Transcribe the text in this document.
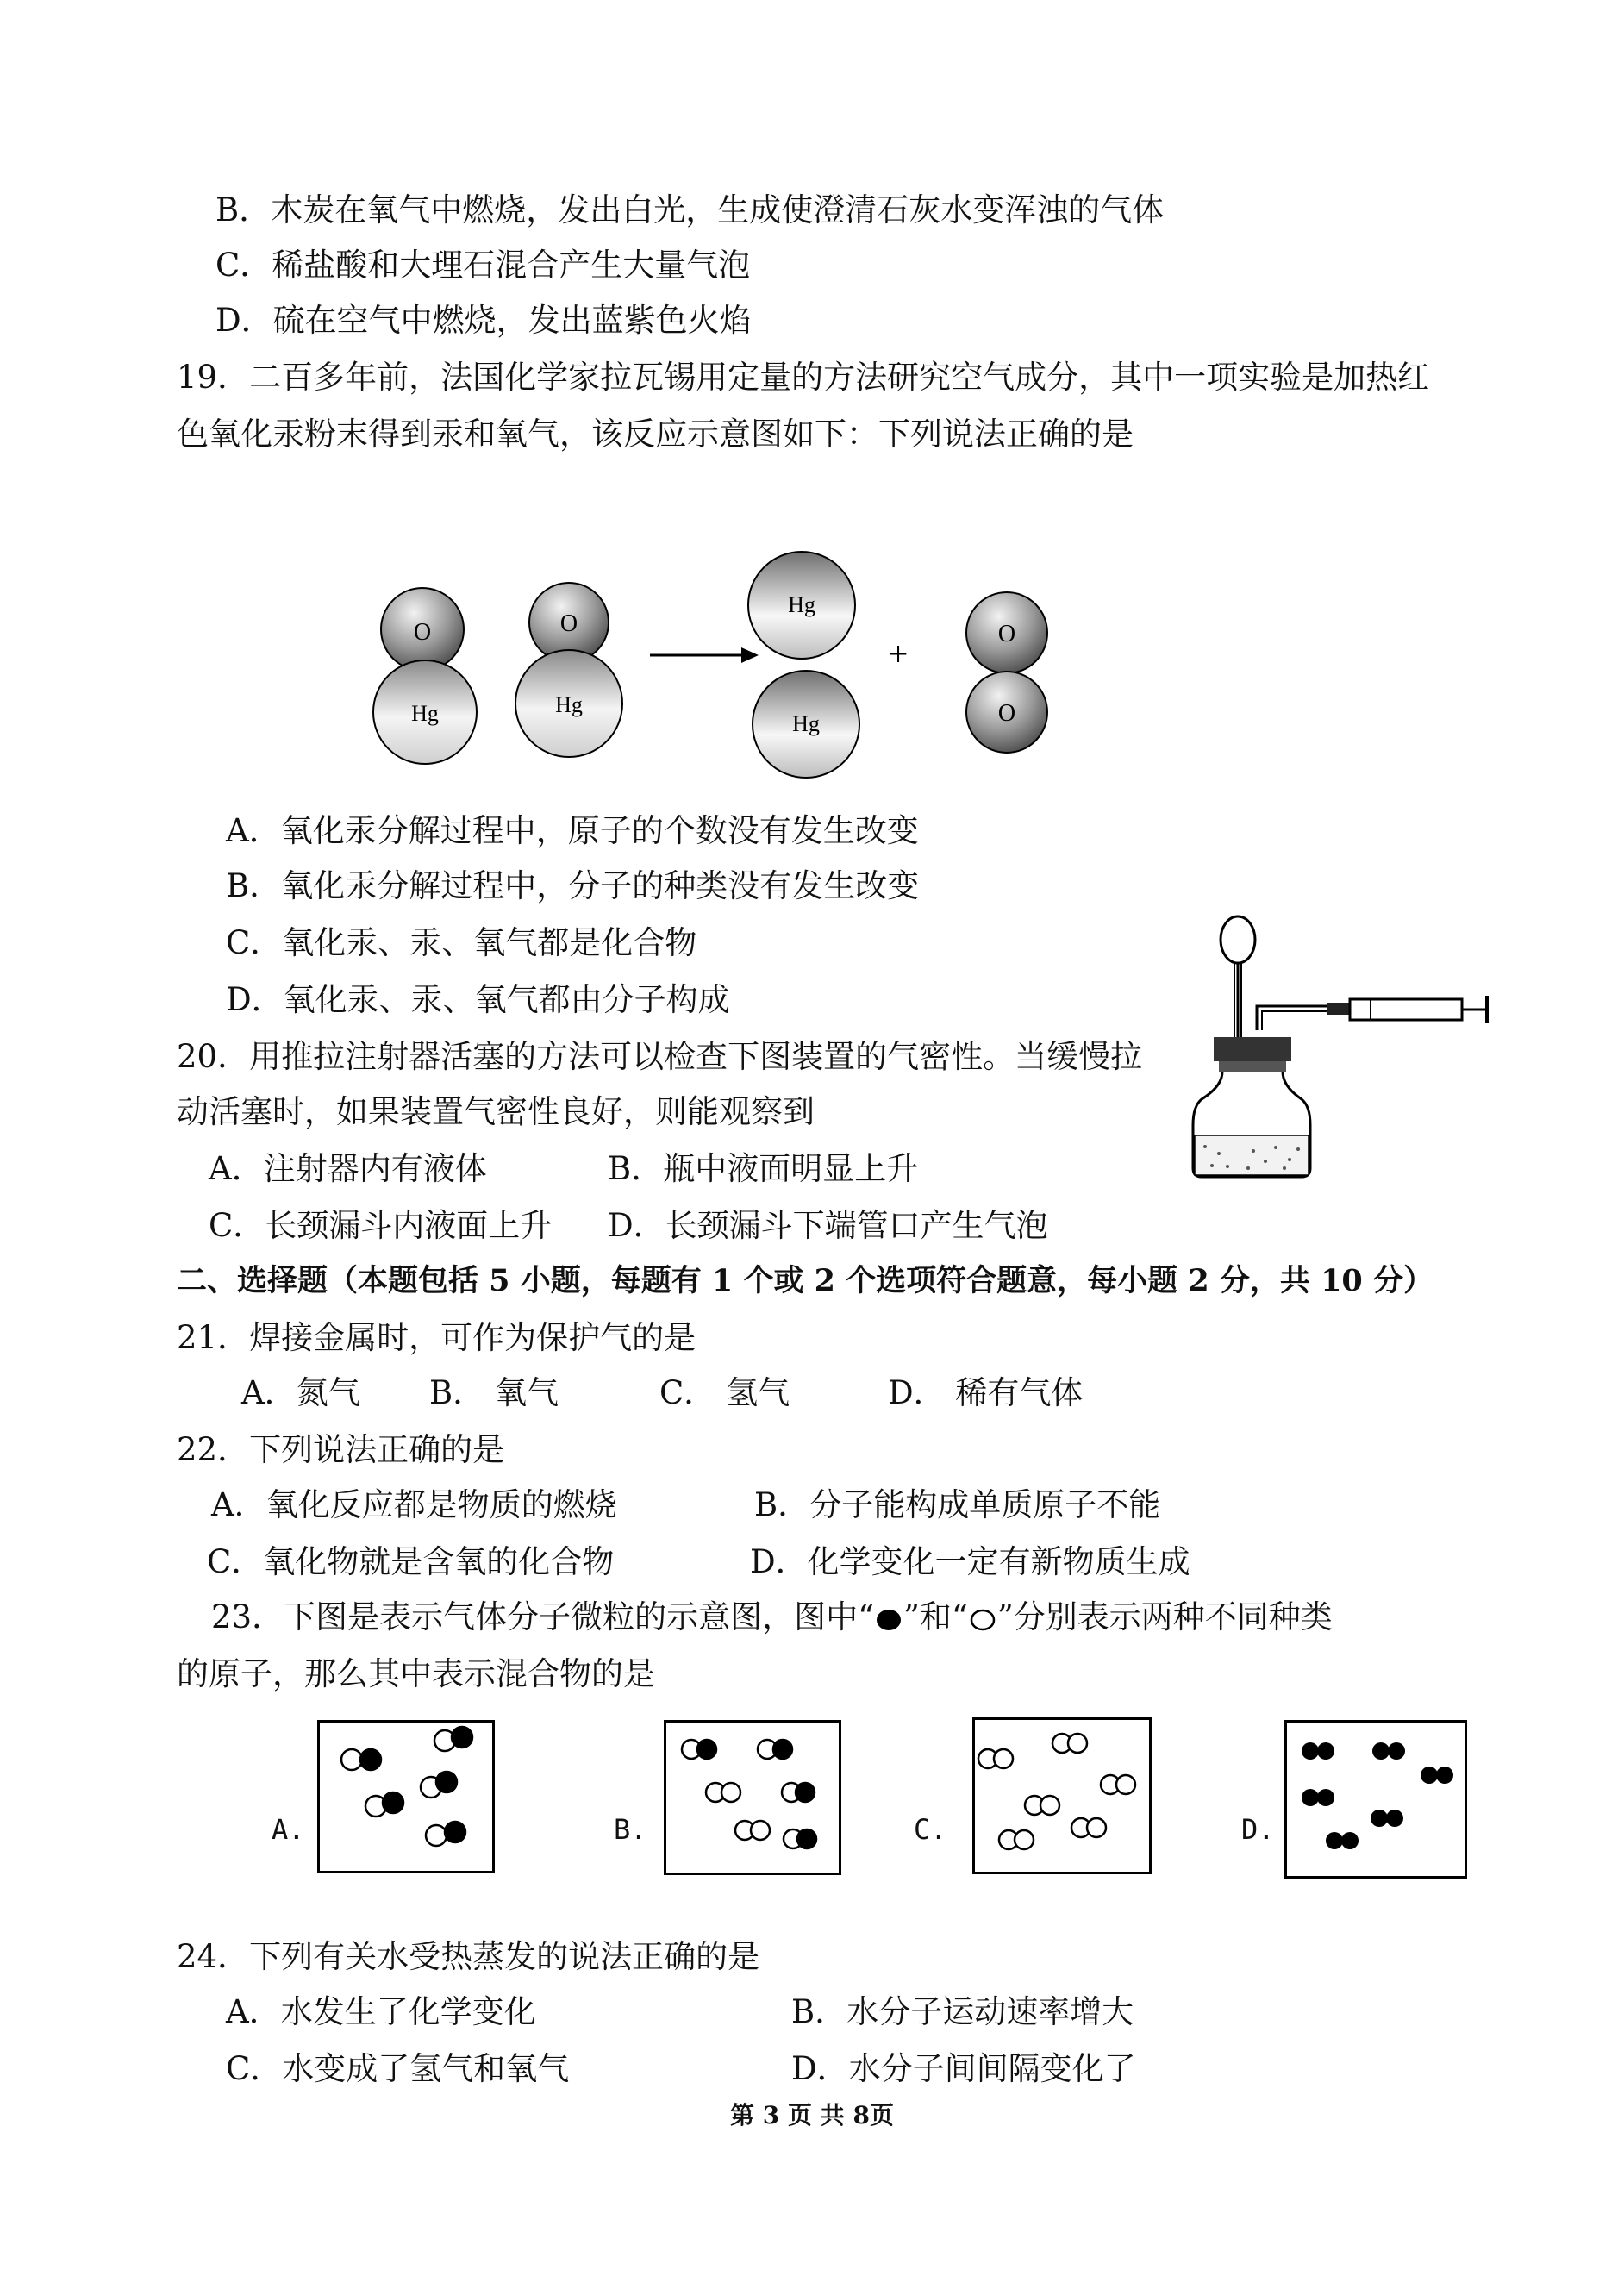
B．木炭在氧气中燃烧，发出白光，生成使澄清石灰水变浑浊的气体
C．稀盐酸和大理石混合产生大量气泡
D．硫在空气中燃烧，发出蓝紫色火焰
19．二百多年前，法国化学家拉瓦锡用定量的方法研究空气成分，其中一项实验是加热红
色氧化汞粉末得到汞和氧气，该反应示意图如下：下列说法正确的是
O
Hg
O
Hg
Hg
Hg
+
O
O
A．氧化汞分解过程中，原子的个数没有发生改变
B．氧化汞分解过程中，分子的种类没有发生改变
C．氧化汞、汞、氧气都是化合物
D．氧化汞、汞、氧气都由分子构成
20．用推拉注射器活塞的方法可以检查下图装置的气密性。当缓慢拉
动活塞时，如果装置气密性良好，则能观察到
A．注射器内有液体	B．瓶中液面明显上升
C．长颈漏斗内液面上升 D．长颈漏斗下端管口产生气泡
二、选择题（本题包括 5 小题，每题有 1 个或 2 个选项符合题意，每小题 2 分，共 10 分）
21．焊接金属时，可作为保护气的是
A．氮气 B． 氧气	C． 氢气	D． 稀有气体
22．下列说法正确的是
A．氧化反应都是物质的燃烧	B．分子能构成单质原子不能
C．氧化物就是含氧的化合物	D．化学变化一定有新物质生成
23．下图是表示气体分子微粒的示意图，图中“ ”和“ ”分别表示两种不同种类
的原子，那么其中表示混合物的是
A.	B.	C.	D.
24．下列有关水受热蒸发的说法正确的是
A．水发生了化学变化	B．水分子运动速率增大
C．水变成了氢气和氧气	D．水分子间间隔变化了
第 3 页 共 8页
